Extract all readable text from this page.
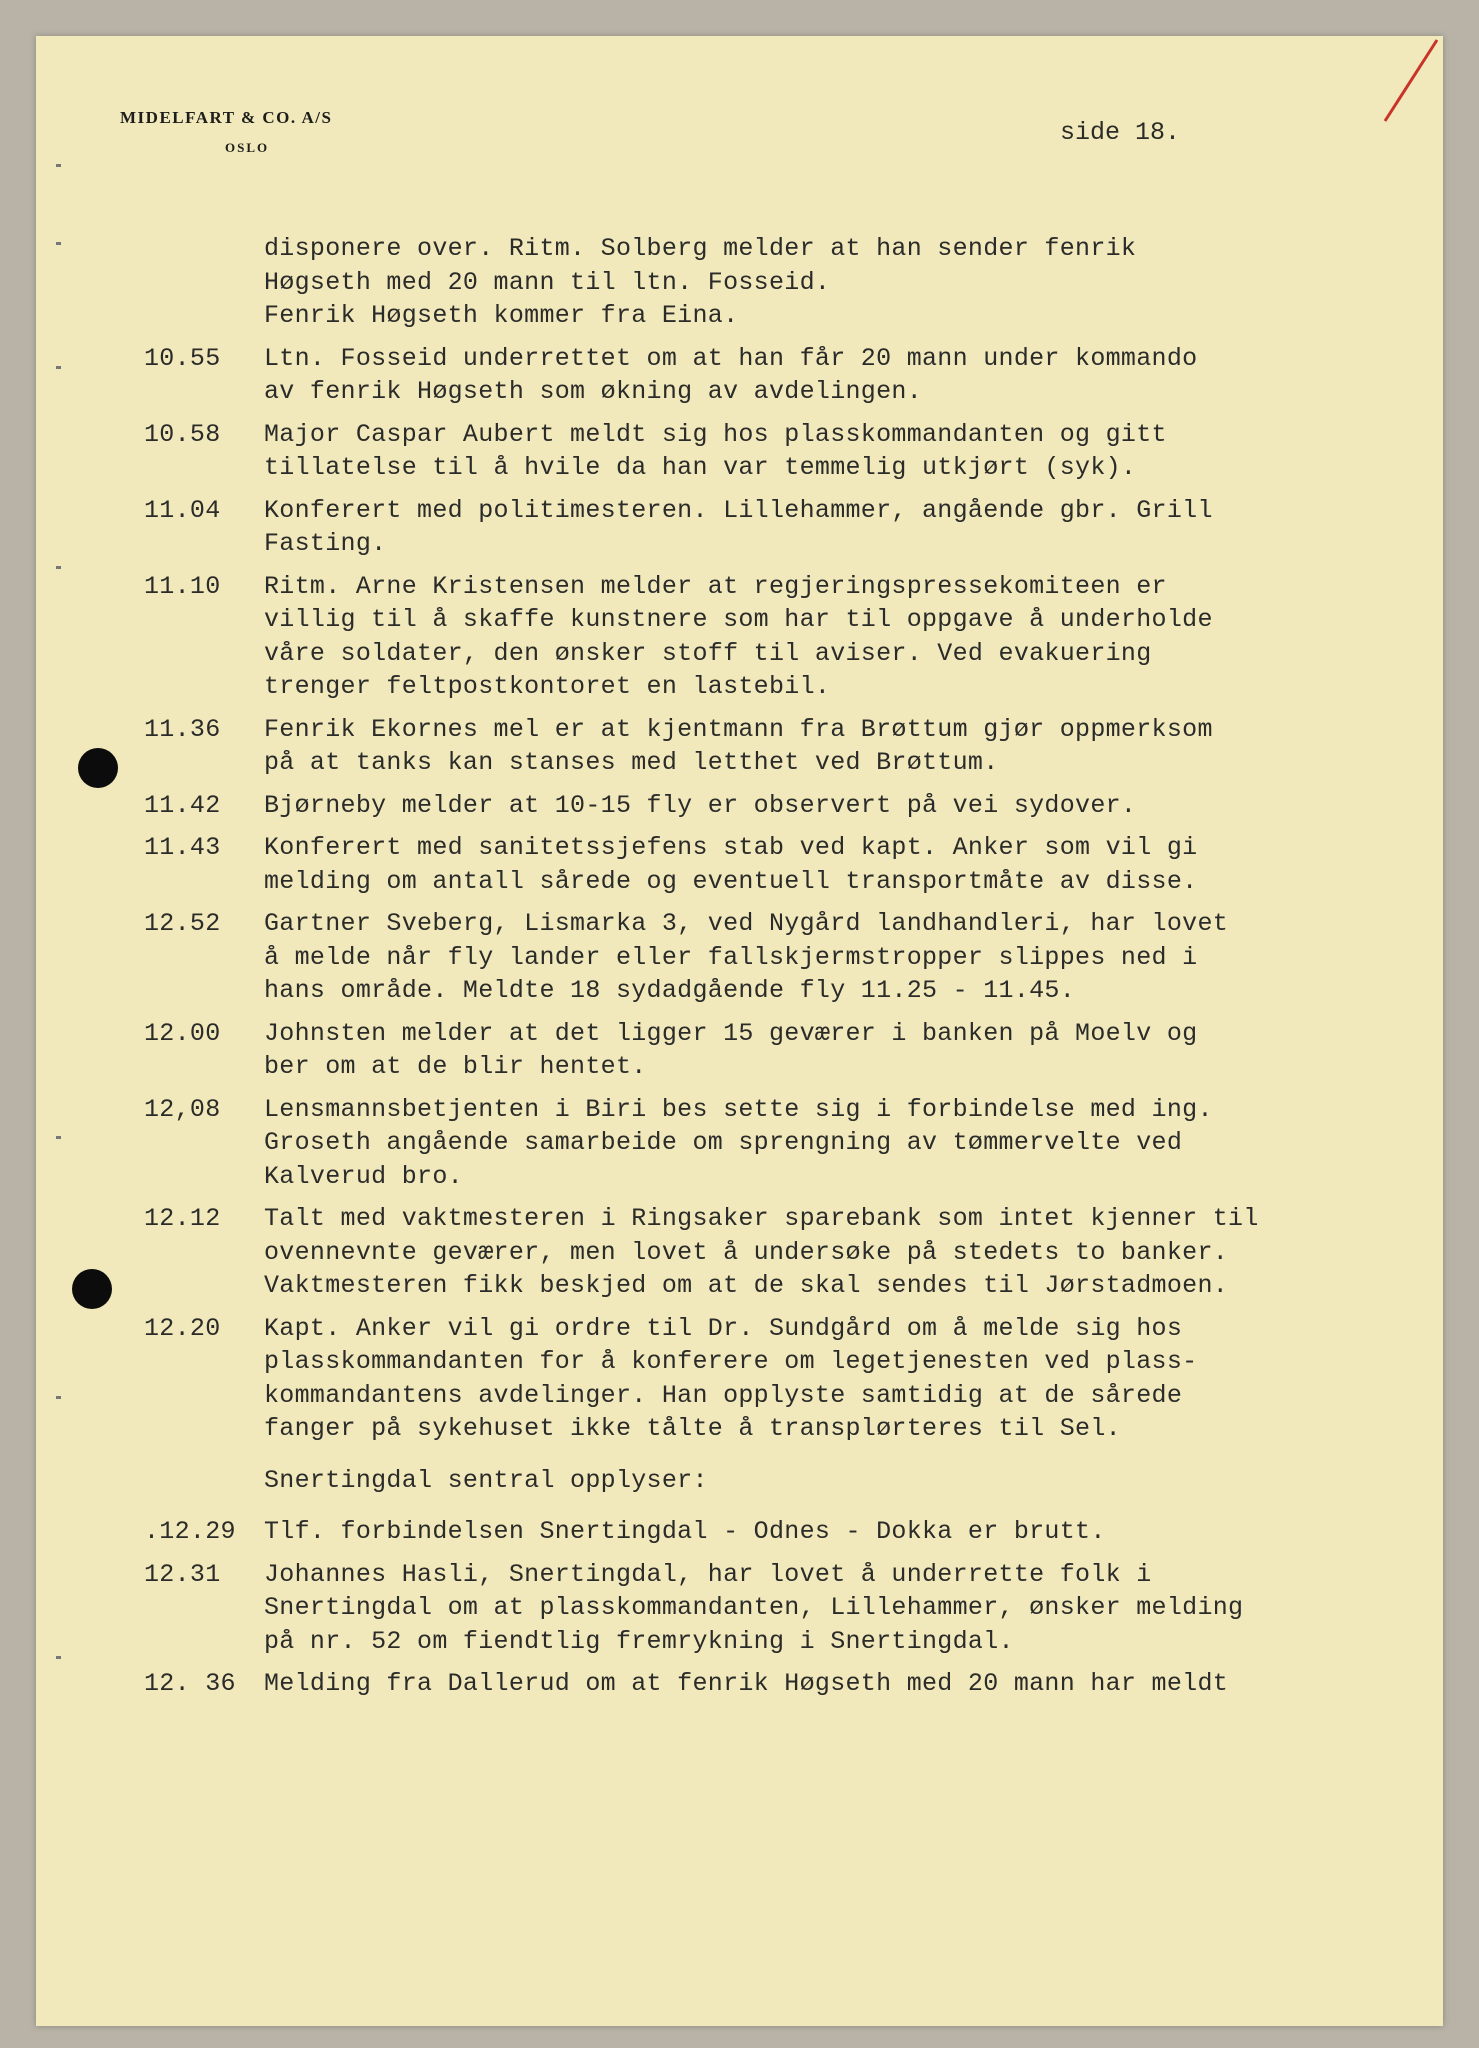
MIDELFART & CO. A/S
OSLO
side 18.
disponere over. Ritm. Solberg melder at han sender fenrik
Høgseth med 20 mann til ltn. Fosseid.
Fenrik Høgseth kommer fra Eina.
10.55	Ltn. Fosseid underrettet om at han får 20 mann under kommando
av fenrik Høgseth som økning av avdelingen.
10.58	Major Caspar Aubert meldt sig hos plasskommandanten og gitt
tillatelse til å hvile da han var temmelig utkjørt (syk).
11.04	Konferert med politimesteren. Lillehammer, angående gbr. Grill
Fasting.
11.10	Ritm. Arne Kristensen melder at regjeringspressekomiteen er
villig til å skaffe kunstnere som har til oppgave å underholde
våre soldater, den ønsker stoff til aviser. Ved evakuering
trenger feltpostkontoret en lastebil.
11.36	Fenrik Ekornes mel er at kjentmann fra Brøttum gjør oppmerksom
på at tanks kan stanses med letthet ved Brøttum.
11.42	Bjørneby melder at 10-15 fly er observert på vei sydover.
11.43	Konferert med sanitetssjefens stab ved kapt. Anker som vil gi
melding om antall sårede og eventuell transportmåte av disse.
12.52	Gartner Sveberg, Lismarka 3, ved Nygård landhandleri, har lovet
å melde når fly lander eller fallskjermstropper slippes ned i
hans område. Meldte 18 sydadgående fly 11.25 - 11.45.
12.00	Johnsten melder at det ligger 15 geværer i banken på Moelv og
ber om at de blir hentet.
12,08	Lensmannsbetjenten i Biri bes sette sig i forbindelse med ing.
Groseth angående samarbeide om sprengning av tømmervelte ved
Kalverud bro.
12.12	Talt med vaktmesteren i Ringsaker sparebank som intet kjenner til
ovennevnte geværer, men lovet å undersøke på stedets to banker.
Vaktmesteren fikk beskjed om at de skal sendes til Jørstadmoen.
12.20	Kapt. Anker vil gi ordre til Dr. Sundgård om å melde sig hos
plasskommandanten for å konferere om legetjenesten ved plass-
kommandantens avdelinger. Han opplyste samtidig at de sårede
fanger på sykehuset ikke tålte å transplørteres til Sel.
Snertingdal sentral opplyser:
.12.29	Tlf. forbindelsen Snertingdal - Odnes - Dokka er brutt.
12.31	Johannes Hasli, Snertingdal, har lovet å underrette folk i
Snertingdal om at plasskommandanten, Lillehammer, ønsker melding
på nr. 52 om fiendtlig fremrykning i Snertingdal.
12. 36	Melding fra Dallerud om at fenrik Høgseth med 20 mann har meldt
